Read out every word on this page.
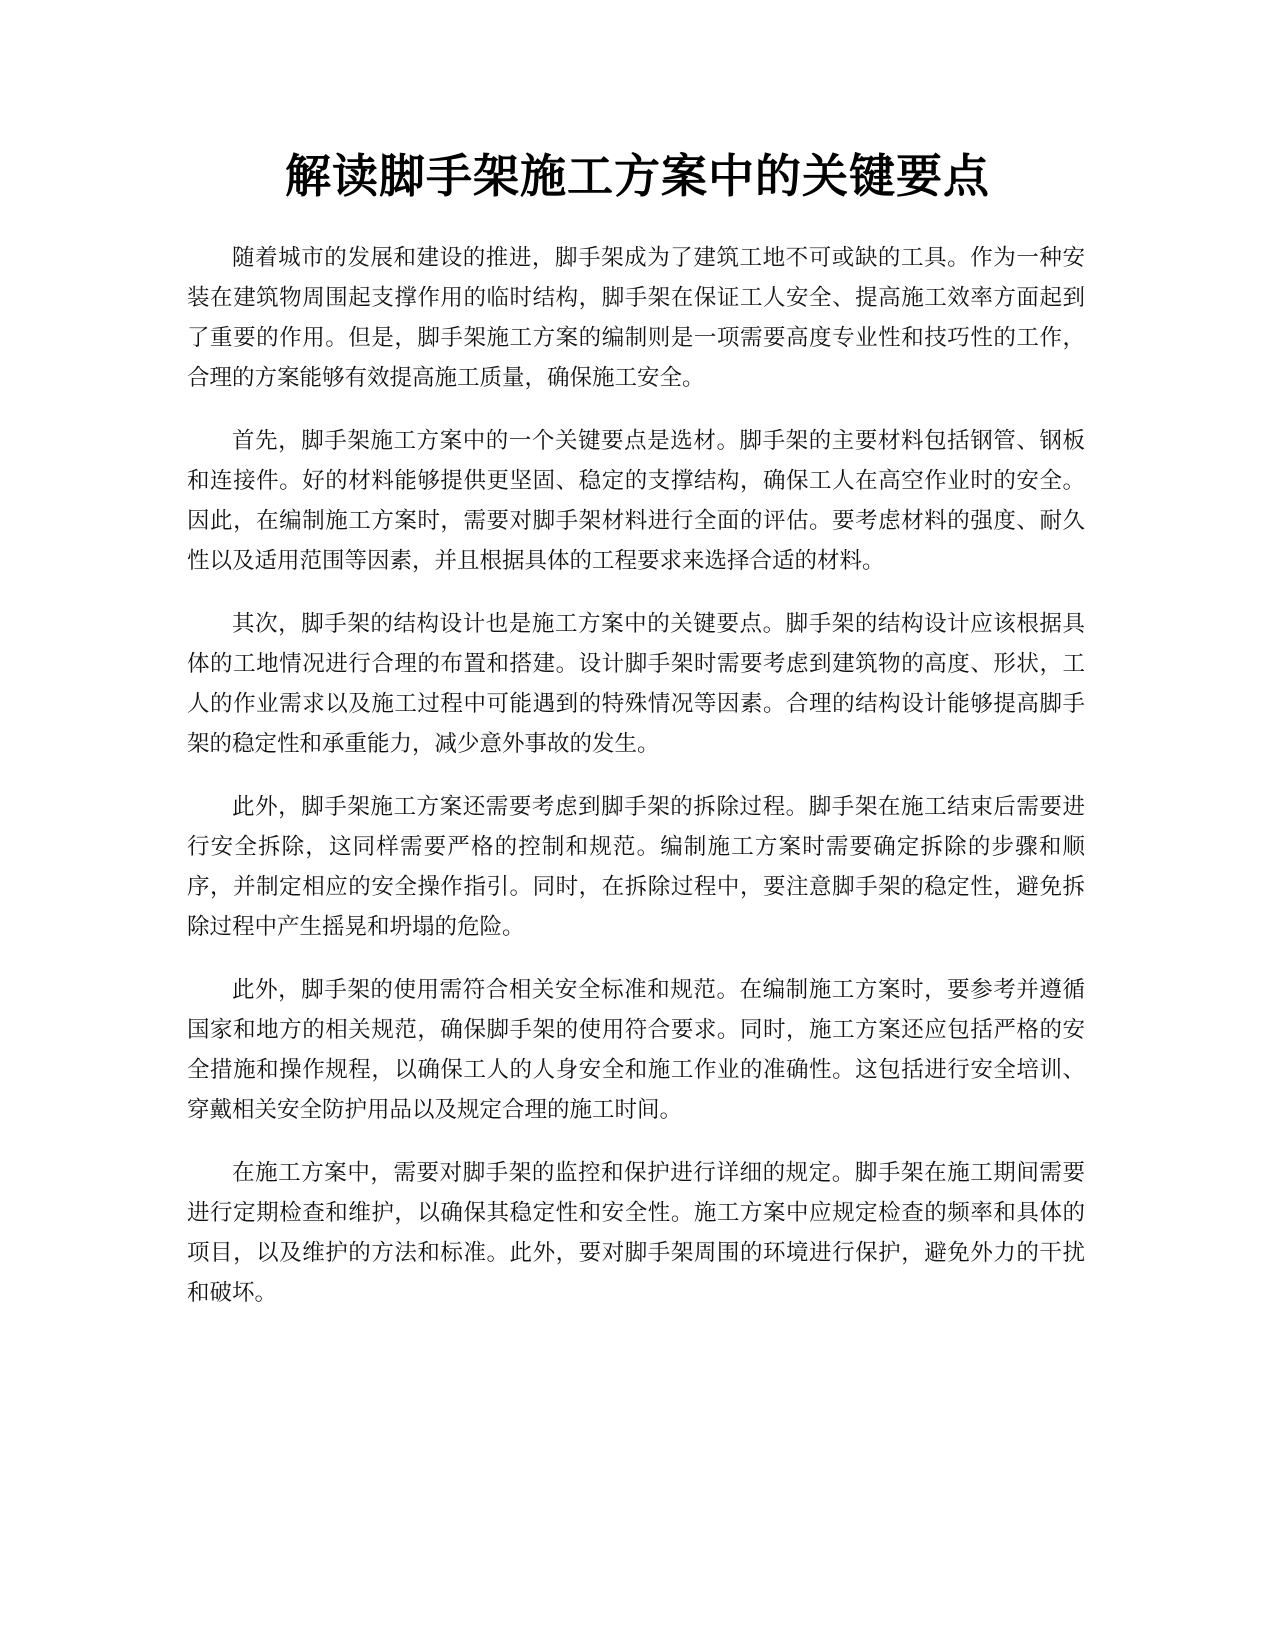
解读脚手架施工方案中的关键要点

随着城市的发展和建设的推进，脚手架成为了建筑工地不可或缺的工具。作为一种安装在建筑物周围起支撑作用的临时结构，脚手架在保证工人安全、提高施工效率方面起到了重要的作用。但是，脚手架施工方案的编制则是一项需要高度专业性和技巧性的工作，合理的方案能够有效提高施工质量，确保施工安全。

首先，脚手架施工方案中的一个关键要点是选材。脚手架的主要材料包括钢管、钢板和连接件。好的材料能够提供更坚固、稳定的支撑结构，确保工人在高空作业时的安全。因此，在编制施工方案时，需要对脚手架材料进行全面的评估。要考虑材料的强度、耐久性以及适用范围等因素，并且根据具体的工程要求来选择合适的材料。

其次，脚手架的结构设计也是施工方案中的关键要点。脚手架的结构设计应该根据具体的工地情况进行合理的布置和搭建。设计脚手架时需要考虑到建筑物的高度、形状，工人的作业需求以及施工过程中可能遇到的特殊情况等因素。合理的结构设计能够提高脚手架的稳定性和承重能力，减少意外事故的发生。

此外，脚手架施工方案还需要考虑到脚手架的拆除过程。脚手架在施工结束后需要进行安全拆除，这同样需要严格的控制和规范。编制施工方案时需要确定拆除的步骤和顺序，并制定相应的安全操作指引。同时，在拆除过程中，要注意脚手架的稳定性，避免拆除过程中产生摇晃和坍塌的危险。

此外，脚手架的使用需符合相关安全标准和规范。在编制施工方案时，要参考并遵循国家和地方的相关规范，确保脚手架的使用符合要求。同时，施工方案还应包括严格的安全措施和操作规程，以确保工人的人身安全和施工作业的准确性。这包括进行安全培训、穿戴相关安全防护用品以及规定合理的施工时间。

在施工方案中，需要对脚手架的监控和保护进行详细的规定。脚手架在施工期间需要进行定期检查和维护，以确保其稳定性和安全性。施工方案中应规定检查的频率和具体的项目，以及维护的方法和标准。此外，要对脚手架周围的环境进行保护，避免外力的干扰和破坏。
